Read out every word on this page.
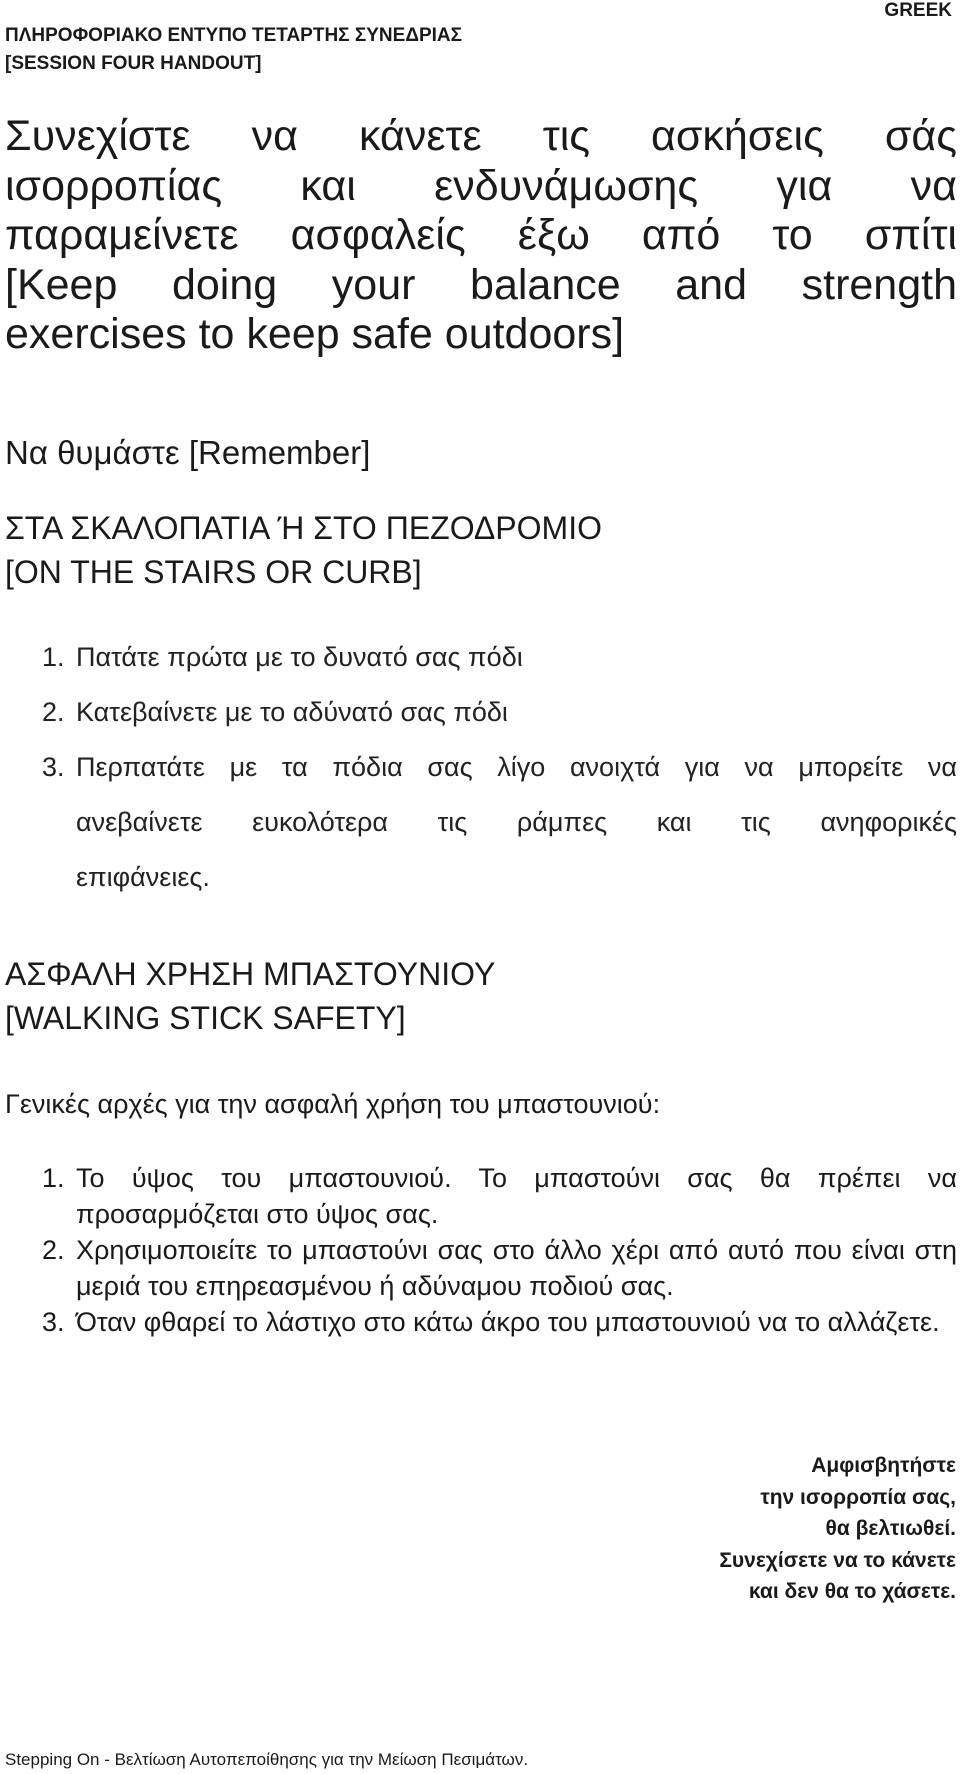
ΠΛΗΡΟΦΟΡΙΑΚΟ ΕΝΤΥΠΟ ΤΕΤΑΡΤΗΣ ΣΥΝΕΔΡΙΑΣ
[SESSION FOUR HANDOUT]
GREEK
Συνεχίστε να κάνετε τις ασκήσεις σάς
ισορροπίας και ενδυνάμωσης για να
παραμείνετε ασφαλείς έξω από το σπίτι
[Keep doing your balance and strength
exercises to keep safe outdoors]
Να θυμάστε [Remember]
ΣΤΑ ΣΚΑΛΟΠΑΤΙΑ Ή ΣΤΟ ΠΕΖΟΔΡΟΜΙΟ
[ON THE STAIRS OR CURB]
1. Πατάτε πρώτα με το δυνατό σας πόδι
2. Κατεβαίνετε με το αδύνατό σας πόδι
3. Περπατάτε με τα πόδια σας λίγο ανοιχτά για να μπορείτε να
ανεβαίνετε ευκολότερα τις ράμπες και τις ανηφορικές
επιφάνειες.
ΑΣΦΑΛΗ ΧΡΗΣΗ ΜΠΑΣΤΟΥΝΙΟΥ
[WALKING STICK SAFETY]
Γενικές αρχές για την ασφαλή χρήση του μπαστουνιού:
1. Το ύψος του μπαστουνιού. Το μπαστούνι σας θα πρέπει να προσαρμόζεται στο ύψος σας.
2. Χρησιμοποιείτε το μπαστούνι σας στο άλλο χέρι από αυτό που είναι στη μεριά του επηρεασμένου ή αδύναμου ποδιού σας.
3. Όταν φθαρεί το λάστιχο στο κάτω άκρο του μπαστουνιού να το αλλάζετε.
Αμφισβητήστε
την ισορροπία σας,
θα βελτιωθεί.
Συνεχίσετε να το κάνετε
και δεν θα το χάσετε.
Stepping On - Βελτίωση Αυτοπεποίθησης για την Μείωση Πεσιμάτων.
